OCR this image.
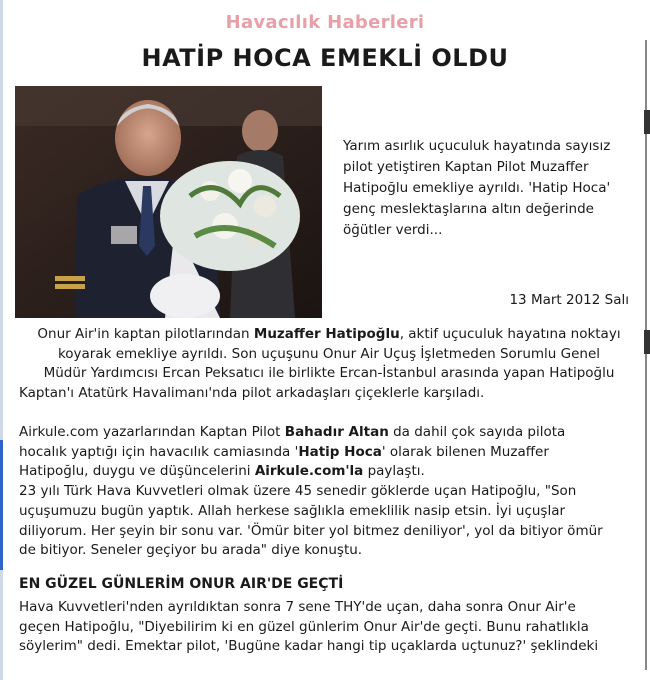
Havacılık Haberleri
HATİP HOCA EMEKLİ OLDU
Yarım asırlık uçuculuk hayatında sayısız
pilot yetiştiren Kaptan Pilot Muzaffer
Hatipoğlu emekliye ayrıldı. 'Hatip Hoca'
genç meslektaşlarına altın değerinde
öğütler verdi...
13 Mart 2012 Salı
Onur Air'in kaptan pilotlarından Muzaffer Hatipoğlu, aktif uçuculuk hayatına noktayı
koyarak emekliye ayrıldı. Son uçuşunu Onur Air Uçuş İşletmeden Sorumlu Genel
Müdür Yardımcısı Ercan Peksatıcı ile birlikte Ercan-İstanbul arasında yapan Hatipoğlu
Kaptan'ı Atatürk Havalimanı'nda pilot arkadaşları çiçeklerle karşıladı.
Airkule.com yazarlarından Kaptan Pilot Bahadır Altan da dahil çok sayıda pilota
hocalık yaptığı için havacılık camiasında 'Hatip Hoca' olarak bilenen Muzaffer
Hatipoğlu, duygu ve düşüncelerini Airkule.com'la paylaştı.
23 yılı Türk Hava Kuvvetleri olmak üzere 45 senedir göklerde uçan Hatipoğlu, "Son
uçuşumuzu bugün yaptık. Allah herkese sağlıkla emeklilik nasip etsin. İyi uçuşlar
diliyorum. Her şeyin bir sonu var. 'Ömür biter yol bitmez deniliyor', yol da bitiyor ömür
de bitiyor. Seneler geçiyor bu arada" diye konuştu.
EN GÜZEL GÜNLERİM ONUR AIR'DE GEÇTİ
Hava Kuvvetleri'nden ayrıldıktan sonra 7 sene THY'de uçan, daha sonra Onur Air'e
geçen Hatipoğlu, "Diyebilirim ki en güzel günlerim Onur Air'de geçti. Bunu rahatlıkla
söylerim" dedi. Emektar pilot, 'Bugüne kadar hangi tip uçaklarda uçtunuz?' şeklindeki
